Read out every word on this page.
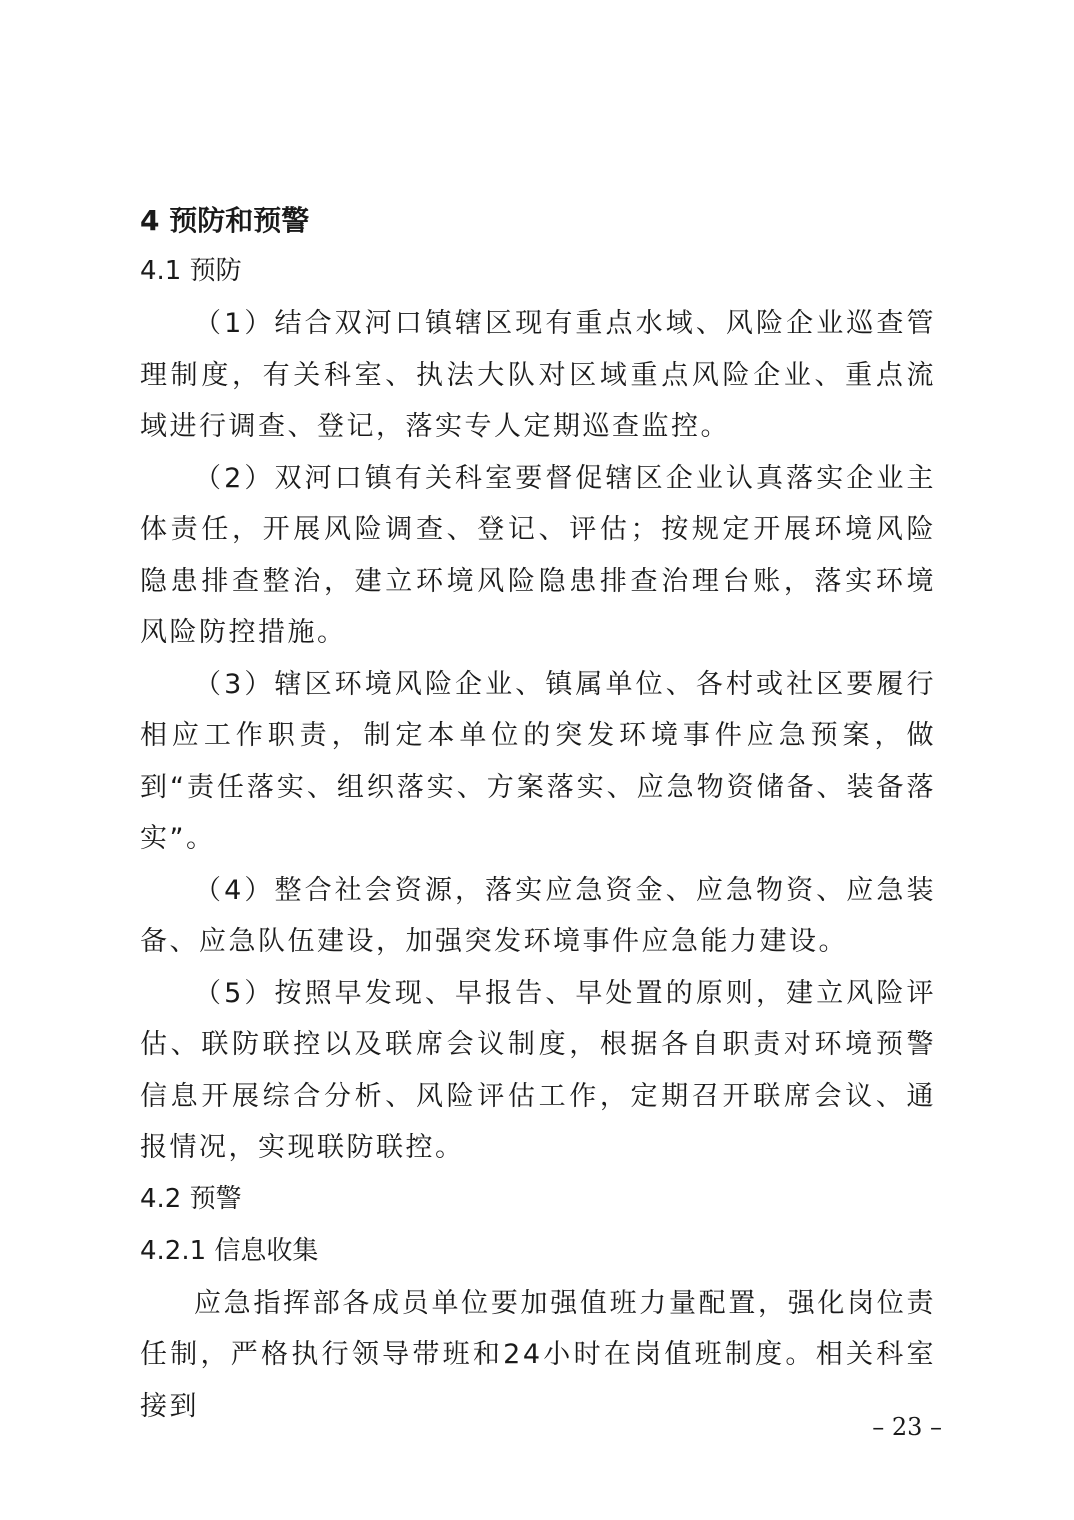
4 预防和预警
4.1 预防

（1）结合双河口镇辖区现有重点水域、风险企业巡查管理制度，有关科室、执法大队对区域重点风险企业、重点流域进行调查、登记，落实专人定期巡查监控。

（2）双河口镇有关科室要督促辖区企业认真落实企业主体责任，开展风险调查、登记、评估；按规定开展环境风险隐患排查整治，建立环境风险隐患排查治理台账，落实环境风险防控措施。

（3）辖区环境风险企业、镇属单位、各村或社区要履行相应工作职责，制定本单位的突发环境事件应急预案，做到“责任落实、组织落实、方案落实、应急物资储备、装备落实”。

（4）整合社会资源，落实应急资金、应急物资、应急装备、应急队伍建设，加强突发环境事件应急能力建设。

（5）按照早发现、早报告、早处置的原则，建立风险评估、联防联控以及联席会议制度，根据各自职责对环境预警信息开展综合分析、风险评估工作，定期召开联席会议、通报情况，实现联防联控。

4.2 预警
4.2.1 信息收集

应急指挥部各成员单位要加强值班力量配置，强化岗位责任制，严格执行领导带班和24小时在岗值班制度。相关科室接到

– 23 –
